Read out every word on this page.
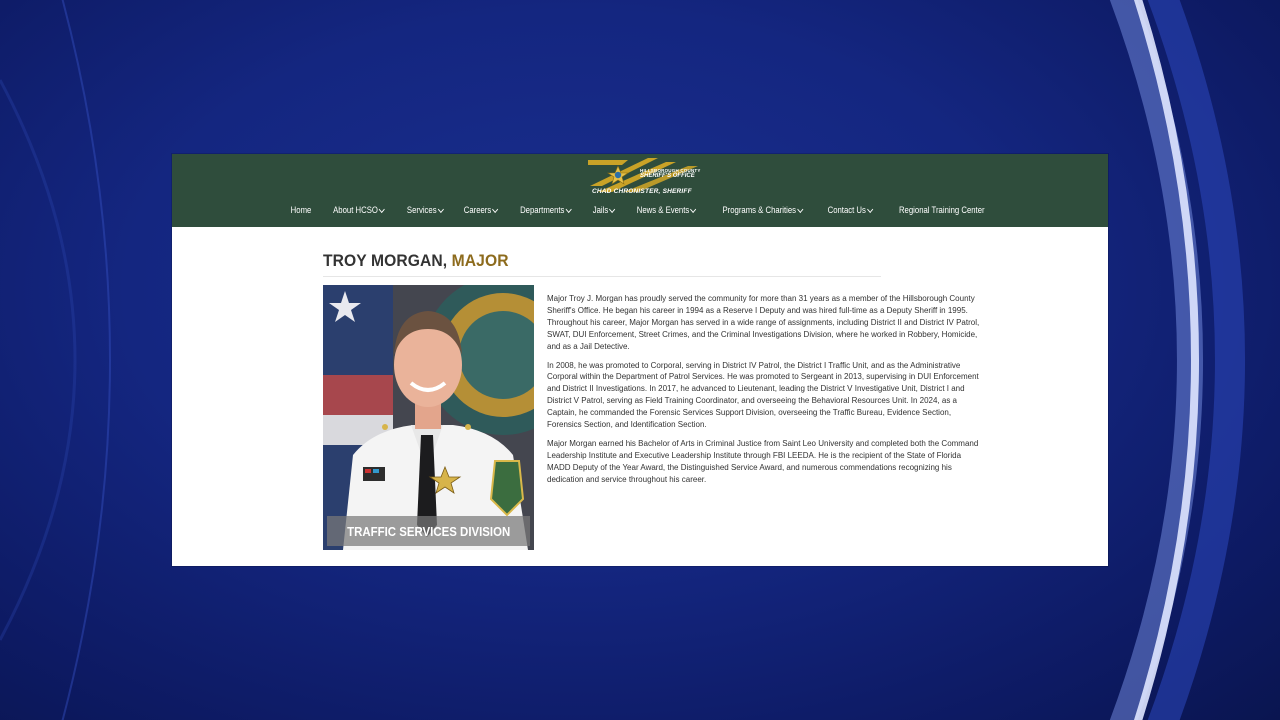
HILLSBOROUGH COUNTY
SHERIFF'S OFFICE
CHAD CHRONISTER, SHERIFF
Home About HCSO	Services	Careers	Departments	Jails	News & Events	Programs & Charities	Contact Us	Regional Training Center
TROY MORGAN, MAJOR
TRAFFIC SERVICES DIVISION

Major Troy J. Morgan has proudly served the community for more than 31 years as a member of the Hillsborough County Sheriff's Office. He began his career in 1994 as a Reserve I Deputy and was hired full-time as a Deputy Sheriff in 1995. Throughout his career, Major Morgan has served in a wide range of assignments, including District II and District IV Patrol, SWAT, DUI Enforcement, Street Crimes, and the Criminal Investigations Division, where he worked in Robbery, Homicide, and as a Jail Detective.

In 2008, he was promoted to Corporal, serving in District IV Patrol, the District I Traffic Unit, and as the Administrative Corporal within the Department of Patrol Services. He was promoted to Sergeant in 2013, supervising in DUI Enforcement and District II Investigations. In 2017, he advanced to Lieutenant, leading the District V Investigative Unit, District I and District V Patrol, serving as Field Training Coordinator, and overseeing the Behavioral Resources Unit. In 2024, as a Captain, he commanded the Forensic Services Support Division, overseeing the Traffic Bureau, Evidence Section, Forensics Section, and Identification Section.

Major Morgan earned his Bachelor of Arts in Criminal Justice from Saint Leo University and completed both the Command Leadership Institute and Executive Leadership Institute through FBI LEEDA. He is the recipient of the State of Florida MADD Deputy of the Year Award, the Distinguished Service Award, and numerous commendations recognizing his dedication and service throughout his career.
